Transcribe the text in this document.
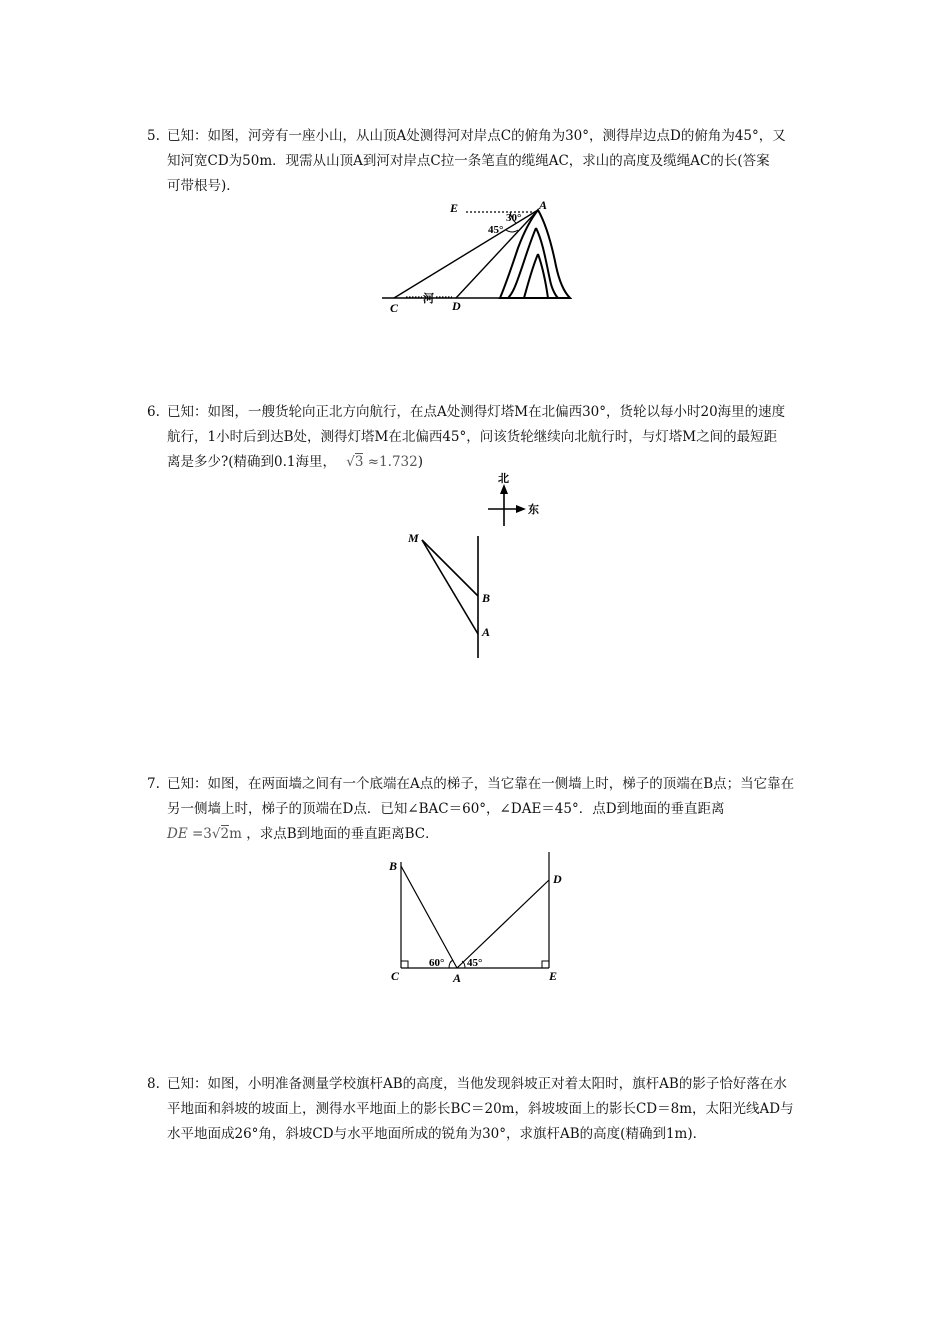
5. 已知：如图，河旁有一座小山，从山顶A处测得河对岸点C的俯角为30°，测得岸边点D的俯角为45°，又
知河宽CD为50m．现需从山顶A到河对岸点C拉一条笔直的缆绳AC，求山的高度及缆绳AC的长(答案
可带根号)．
E	A
30°
45°
C	D
河
6. 已知：如图，一艘货轮向正北方向航行，在点A处测得灯塔M在北偏西30°，货轮以每小时20海里的速度
航行，1小时后到达B处，测得灯塔M在北偏西45°，问该货轮继续向北航行时，与灯塔M之间的最短距
离是多少?(精确到0.1海里， √3 ≈1.732)
北
东
M
B
A
7. 已知：如图，在两面墙之间有一个底端在A点的梯子，当它靠在一侧墙上时，梯子的顶端在B点；当它靠在
另一侧墙上时，梯子的顶端在D点．已知∠BAC＝60°，∠DAE＝45°．点D到地面的垂直距离
DE =3√2m ，求点B到地面的垂直距离BC．
B
D
C	A	E
60° 45°
8. 已知：如图，小明准备测量学校旗杆AB的高度，当他发现斜坡正对着太阳时，旗杆AB的影子恰好落在水
平地面和斜坡的坡面上，测得水平地面上的影长BC＝20m，斜坡坡面上的影长CD＝8m，太阳光线AD与
水平地面成26°角，斜坡CD与水平地面所成的锐角为30°，求旗杆AB的高度(精确到1m)．
